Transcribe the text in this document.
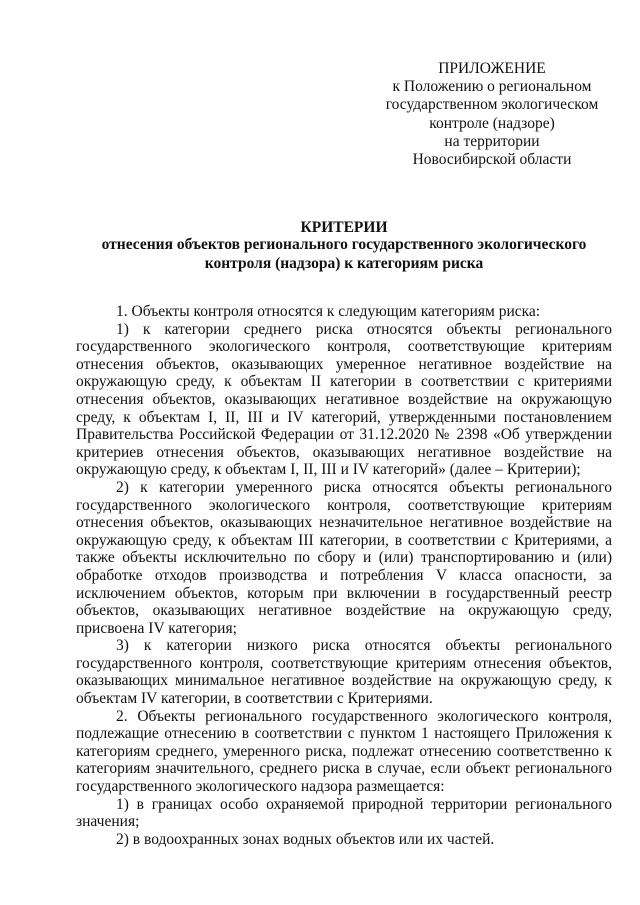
ПРИЛОЖЕНИЕ
к Положению о региональном
государственном экологическом
контроле (надзоре)
на территории
Новосибирской области
КРИТЕРИИ
отнесения объектов регионального государственного экологического контроля (надзора) к категориям риска

1. Объекты контроля относятся к следующим категориям риска:

1) к категории среднего риска относятся объекты регионального государственного экологического контроля, соответствующие критериям отнесения объектов, оказывающих умеренное негативное воздействие на окружающую среду, к объектам II категории в соответствии с критериями отнесения объектов, оказывающих негативное воздействие на окружающую среду, к объектам I, II, III и IV категорий, утвержденными постановлением Правительства Российской Федерации от 31.12.2020 № 2398 «Об утверждении критериев отнесения объектов, оказывающих негативное воздействие на окружающую среду, к объектам I, II, III и IV категорий» (далее – Критерии);

2) к категории умеренного риска относятся объекты регионального государственного экологического контроля, соответствующие критериям отнесения объектов, оказывающих незначительное негативное воздействие на окружающую среду, к объектам III категории, в соответствии с Критериями, а также объекты исключительно по сбору и (или) транспортированию и (или) обработке отходов производства и потребления V класса опасности, за исключением объектов, которым при включении в государственный реестр объектов, оказывающих негативное воздействие на окружающую среду, присвоена IV категория;

3) к категории низкого риска относятся объекты регионального государственного контроля, соответствующие критериям отнесения объектов, оказывающих минимальное негативное воздействие на окружающую среду, к объектам IV категории, в соответствии с Критериями.

2. Объекты регионального государственного экологического контроля, подлежащие отнесению в соответствии с пунктом 1 настоящего Приложения к категориям среднего, умеренного риска, подлежат отнесению соответственно к категориям значительного, среднего риска в случае, если объект регионального государственного экологического надзора размещается:

1) в границах особо охраняемой природной территории регионального значения;

2) в водоохранных зонах водных объектов или их частей.
